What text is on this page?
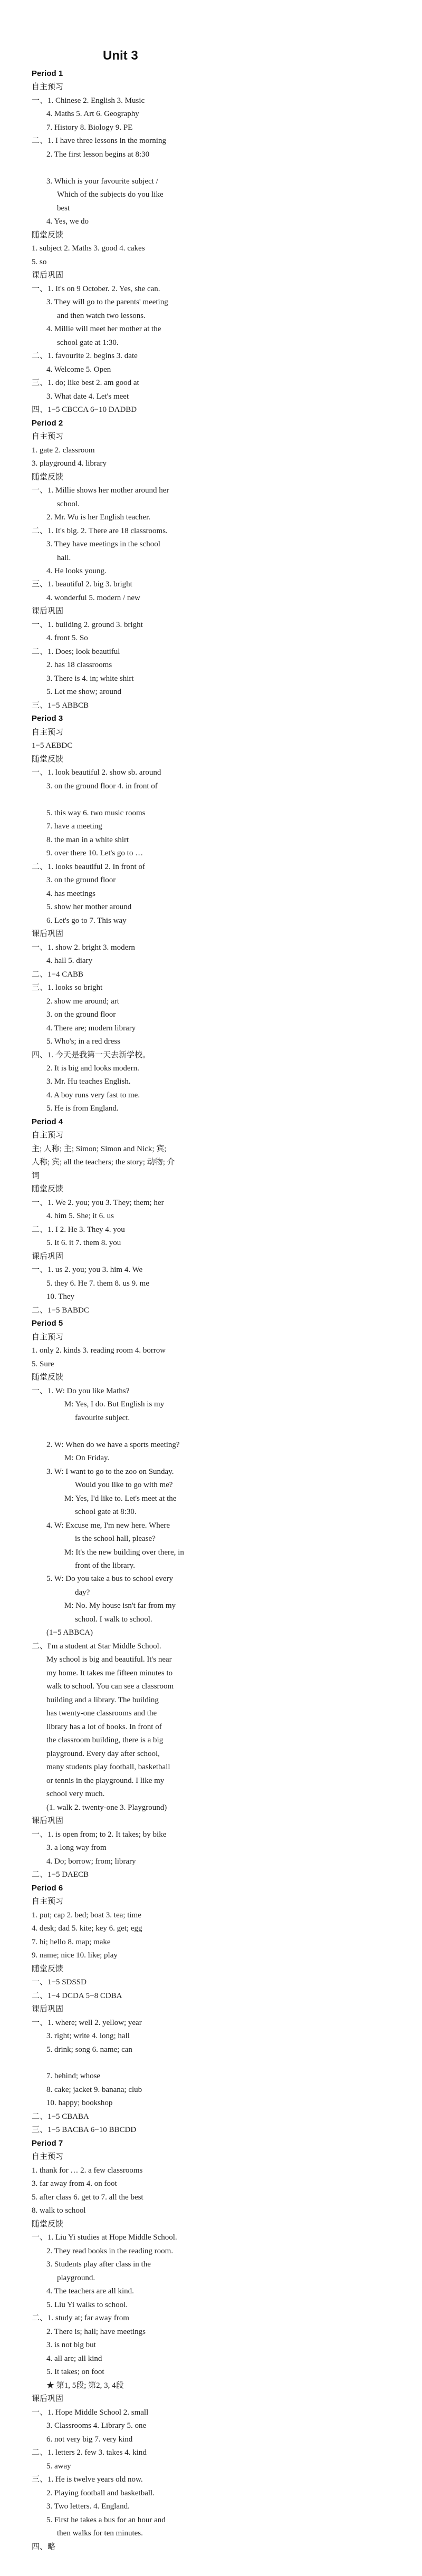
Unit 3
Period 1
自主预习
一、1. Chinese 2. English 3. Music
4. Maths 5. Art 6. Geography
7. History 8. Biology 9. PE
二、1. I have three lessons in the morning
2. The first lesson begins at 8:30
3. Which is your favourite subject /
Which of the subjects do you like
best
4. Yes, we do
随堂反馈
1. subject 2. Maths 3. good 4. cakes
5. so
课后巩固
一、1. It's on 9 October. 2. Yes, she can.
3. They will go to the parents' meeting
and then watch two lessons.
4. Millie will meet her mother at the
school gate at 1:30.
二、1. favourite 2. begins 3. date
4. Welcome 5. Open
三、1. do; like best 2. am good at
3. What date 4. Let's meet
四、1−5 CBCCA 6−10 DADBD
Period 2
自主预习
1. gate 2. classroom
3. playground 4. library
随堂反馈
一、1. Millie shows her mother around her
school.
2. Mr. Wu is her English teacher.
二、1. It's big. 2. There are 18 classrooms.
3. They have meetings in the school
hall.
4. He looks young.
三、1. beautiful 2. big 3. bright
4. wonderful 5. modern / new
课后巩固
一、1. building 2. ground 3. bright
4. front 5. So
二、1. Does; look beautiful
2. has 18 classrooms
3. There is 4. in; white shirt
5. Let me show; around
三、1−5 ABBCB
Period 3
自主预习
1−5 AEBDC
随堂反馈
一、1. look beautiful 2. show sb. around
3. on the ground floor 4. in front of
5. this way 6. two music rooms
7. have a meeting
8. the man in a white shirt
9. over there 10. Let's go to …
二、1. looks beautiful 2. In front of
3. on the ground floor
4. has meetings
5. show her mother around
6. Let's go to 7. This way
课后巩固
一、1. show 2. bright 3. modern
4. hall 5. diary
二、1−4 CABB
三、1. looks so bright
2. show me around; art
3. on the ground floor
4. There are; modern library
5. Who's; in a red dress
四、1. 今天是我第一天去新学校。
2. It is big and looks modern.
3. Mr. Hu teaches English.
4. A boy runs very fast to me.
5. He is from England.
Period 4
自主预习
主; 人称; 主; Simon; Simon and Nick; 宾;
人称; 宾; all the teachers; the story; 动物; 介
词
随堂反馈
一、1. We 2. you; you 3. They; them; her
4. him 5. She; it 6. us
二、1. I 2. He 3. They 4. you
5. It 6. it 7. them 8. you
课后巩固
一、1. us 2. you; you 3. him 4. We
5. they 6. He 7. them 8. us 9. me
10. They
二、1−5 BABDC
Period 5
自主预习
1. only 2. kinds 3. reading room 4. borrow
5. Sure
随堂反馈
一、1. W: Do you like Maths?
M: Yes, I do. But English is my
favourite subject.
2. W: When do we have a sports meeting?
M: On Friday.
3. W: I want to go to the zoo on Sunday.
Would you like to go with me?
M: Yes, I'd like to. Let's meet at the
school gate at 8:30.
4. W: Excuse me, I'm new here. Where
is the school hall, please?
M: It's the new building over there, in
front of the library.
5. W: Do you take a bus to school every
day?
M: No. My house isn't far from my
school. I walk to school.
(1−5 ABBCA)
二、I'm a student at Star Middle School.
My school is big and beautiful. It's near
my home. It takes me fifteen minutes to
walk to school. You can see a classroom
building and a library. The building
has twenty-one classrooms and the
library has a lot of books. In front of
the classroom building, there is a big
playground. Every day after school,
many students play football, basketball
or tennis in the playground. I like my
school very much.
(1. walk 2. twenty-one 3. Playground)
课后巩固
一、1. is open from; to 2. It takes; by bike
3. a long way from
4. Do; borrow; from; library
二、1−5 DAECB
Period 6
自主预习
1. put; cap 2. bed; boat 3. tea; time
4. desk; dad 5. kite; key 6. get; egg
7. hi; hello 8. map; make
9. name; nice 10. like; play
随堂反馈
一、1−5 SDSSD
二、1−4 DCDA 5−8 CDBA
课后巩固
一、1. where; well 2. yellow; year
3. right; write 4. long; hall
5. drink; song 6. name; can
7. behind; whose
8. cake; jacket 9. banana; club
10. happy; bookshop
二、1−5 CBABA
三、1−5 BACBA 6−10 BBCDD
Period 7
自主预习
1. thank for … 2. a few classrooms
3. far away from 4. on foot
5. after class 6. get to 7. all the best
8. walk to school
随堂反馈
一、1. Liu Yi studies at Hope Middle School.
2. They read books in the reading room.
3. Students play after class in the
playground.
4. The teachers are all kind.
5. Liu Yi walks to school.
二、1. study at; far away from
2. There is; hall; have meetings
3. is not big but
4. all are; all kind
5. It takes; on foot
★ 第1, 5段; 第2, 3, 4段
课后巩固
一、1. Hope Middle School 2. small
3. Classrooms 4. Library 5. one
6. not very big 7. very kind
二、1. letters 2. few 3. takes 4. kind
5. away
三、1. He is twelve years old now.
2. Playing football and basketball.
3. Two letters. 4. England.
5. First he takes a bus for an hour and
then walks for ten minutes.
四、略
